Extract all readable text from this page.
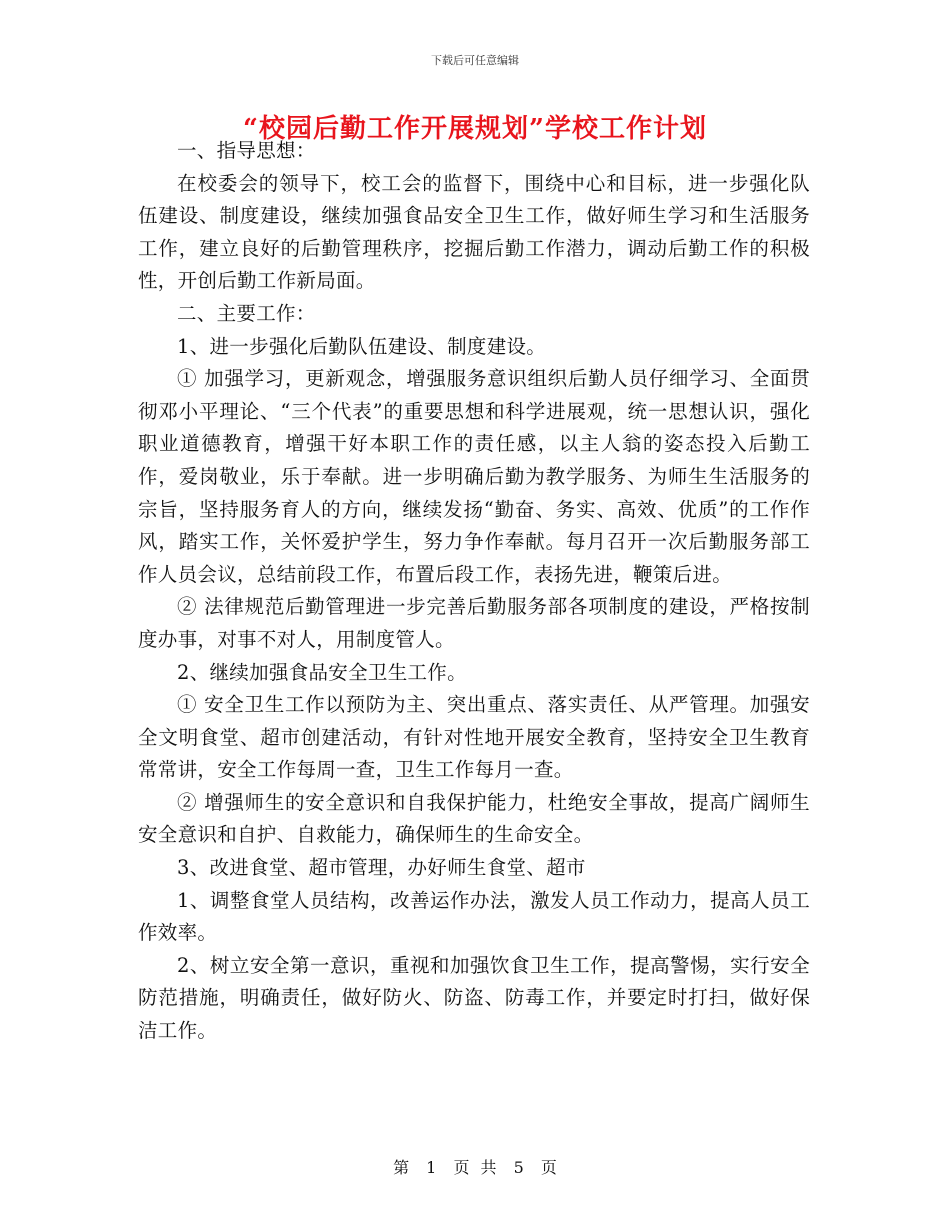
下载后可任意编辑
“校园后勤工作开展规划”学校工作计划

一、指导思想：

在校委会的领导下，校工会的监督下，围绕中心和目标，进一步强化队伍建设、制度建设，继续加强食品安全卫生工作，做好师生学习和生活服务工作，建立良好的后勤管理秩序，挖掘后勤工作潜力，调动后勤工作的积极性，开创后勤工作新局面。

二、主要工作：

1、进一步强化后勤队伍建设、制度建设。

① 加强学习，更新观念，增强服务意识组织后勤人员仔细学习、全面贯彻邓小平理论、“三个代表”的重要思想和科学进展观，统一思想认识，强化职业道德教育，增强干好本职工作的责任感，以主人翁的姿态投入后勤工作，爱岗敬业，乐于奉献。进一步明确后勤为教学服务、为师生生活服务的宗旨，坚持服务育人的方向，继续发扬“勤奋、务实、高效、优质”的工作作风，踏实工作，关怀爱护学生，努力争作奉献。每月召开一次后勤服务部工作人员会议，总结前段工作，布置后段工作，表扬先进，鞭策后进。

② 法律规范后勤管理进一步完善后勤服务部各项制度的建设，严格按制度办事，对事不对人，用制度管人。

2、继续加强食品安全卫生工作。

① 安全卫生工作以预防为主、突出重点、落实责任、从严管理。加强安全文明食堂、超市创建活动，有针对性地开展安全教育，坚持安全卫生教育常常讲，安全工作每周一查，卫生工作每月一查。

② 增强师生的安全意识和自我保护能力，杜绝安全事故，提高广阔师生安全意识和自护、自救能力，确保师生的生命安全。

3、改进食堂、超市管理，办好师生食堂、超市

1、调整食堂人员结构，改善运作办法，激发人员工作动力，提高人员工作效率。

2、树立安全第一意识，重视和加强饮食卫生工作，提高警惕，实行安全防范措施，明确责任，做好防火、防盗、防毒工作，并要定时打扫，做好保洁工作。

第 1 页 共 5 页
